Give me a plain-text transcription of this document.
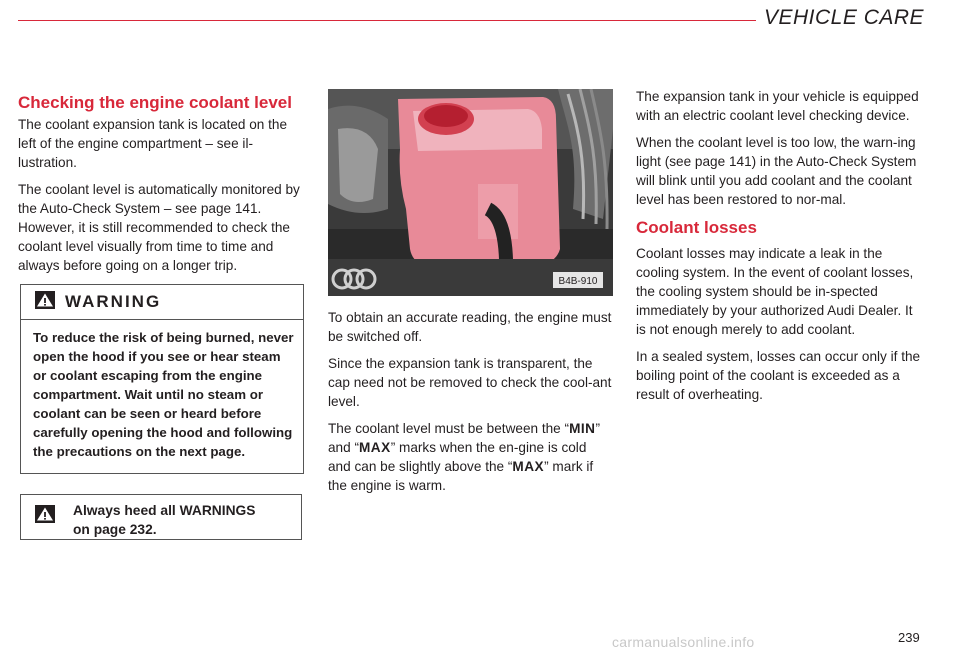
VEHICLE CARE
Checking the engine coolant level

The coolant expansion tank is located on the left of the engine compartment – see il-lustration.

The coolant level is automatically monitored by the Auto-Check System – see page 141. However, it is still recommended to check the coolant level visually from time to time and always before going on a longer trip.

WARNING
To reduce the risk of being burned, never open the hood if you see or hear steam or coolant escaping from the engine compartment. Wait until no steam or coolant can be seen or heard before carefully opening the hood and following the precautions on the next page.
Always heed all WARNINGS
on page 232.
B4B-910

To obtain an accurate reading, the engine must be switched off.

Since the expansion tank is transparent, the cap need not be removed to check the cool-ant level.

The coolant level must be between the “MIN” and “MAX” marks when the en-gine is cold and can be slightly above the “MAX” mark if the engine is warm.

The expansion tank in your vehicle is equipped with an electric coolant level checking device.

When the coolant level is too low, the warn-ing light (see page 141) in the Auto-Check System will blink until you add coolant and the coolant level has been restored to nor-mal.

Coolant losses

Coolant losses may indicate a leak in the cooling system. In the event of coolant losses, the cooling system should be in-spected immediately by your authorized Audi Dealer. It is not enough merely to add coolant.

In a sealed system, losses can occur only if the boiling point of the coolant is exceeded as a result of overheating.

carmanualsonline.info	239
